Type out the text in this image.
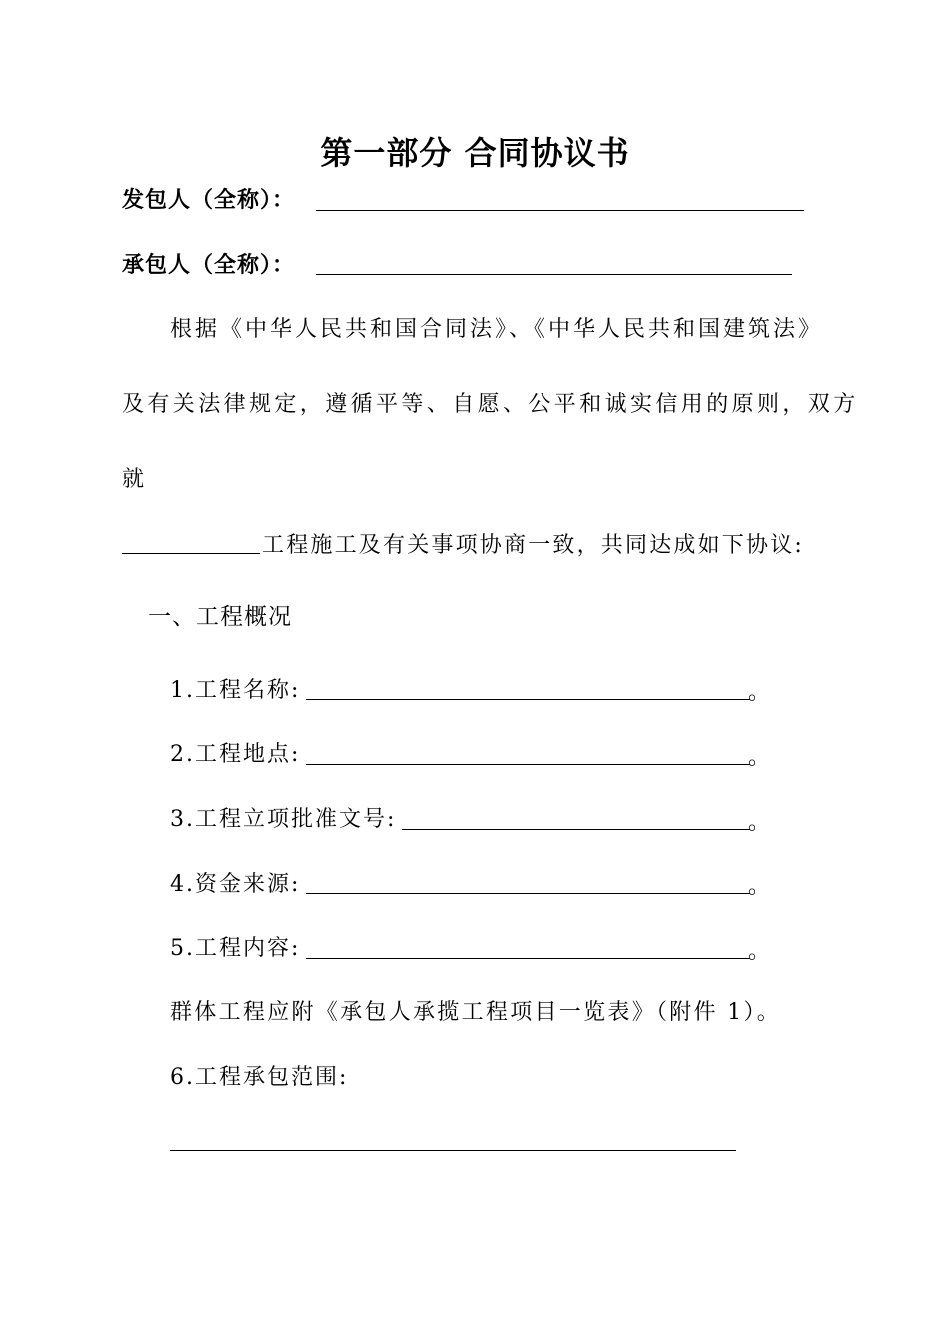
第一部分 合同协议书
发包人（全称）：
承包人（全称）：
根据《中华人民共和国合同法》、《中华人民共和国建筑法》
及有关法律规定，遵循平等、自愿、公平和诚实信用的原则，双方
就
工程施工及有关事项协商一致，共同达成如下协议:
一、工程概况
1.工程名称:	。
2.工程地点:	。
3.工程立项批准文号:	。
4.资金来源:	。
5.工程内容:	。
群体工程应附《承包人承揽工程项目一览表》（附件 1）。
6.工程承包范围:
